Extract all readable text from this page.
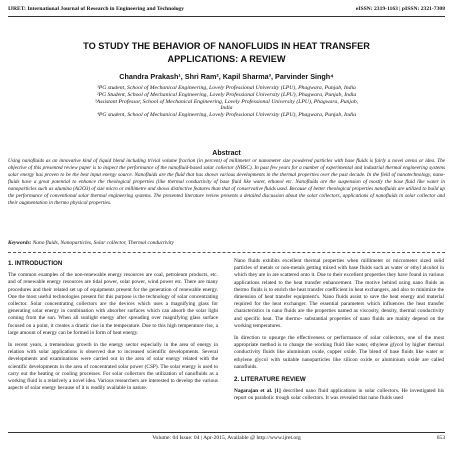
IJRET: International Journal of Research in Engineering and Technology	eISSN: 2319-1163 | pISSN: 2321-7308
TO STUDY THE BEHAVIOR OF NANOFLUIDS IN HEAT TRANSFER
APPLICATIONS: A REVIEW
Chandra Prakash¹, Shri Ram², Kapil Sharma³, Parvinder Singh⁴
¹PG student, School of Mechanical Engineering, Lovely Professional University (LPU), Phagwara, Punjab, India
²PG Student, School of Mechanical Engineering, Lovely Professional University (LPU), Phagwara, Punjab, India
³Assistant Professor, School of Mechanical Engineering, Lovely Professional University (LPU), Phagwara, Punjab,
India
⁴PG student, School of Mechanical Engineering, Lovely Professional University (LPU), Phagwara, Punjab, India
Abstract
Using nanofluids as an innovative kind of liquid blend including trivial volume fraction (in percent) of millimeter or nanometer size powdered particles with base fluids is fairly a novel arena or idea. The objective of this presented review paper is to inspect the performance of the nanofluid-based solar collector (NBSC). In past few years for a number of experimental and industrial thermal engineering systems solar energy has proven to be the best input energy source. Nanofluids are the fluid that has shown various developments in the thermal properties over the past decade. In the field of nanotechnology, nano-fluids have a great potential to enhance the rheological properties (like thermal conductivity of base fluid like water, ethanol etc. Nanofluids are the suspension of mostly the base fluid like water in nanoparticles such as alumina (Al2O3) of size micro or millimetre and shows distinctive features than that of conservative fluids used. Because of better rheological properties nanofluids are utilized to build up the performance of conventional solar thermal engineering systems. The presented literature review presents a detailed discussion about the solar collectors, applications of nanofluids in solar collector and their augmentation in thermo physical properties.
Keywords: Nano fluids, Nanoparticles, Solar collector, Thermal conductivity
1. INTRODUCTION

The common examples of the non-renewable energy resources are coal, petroleum products, etc. and of renewable energy resources are tidal power, solar power, wind power etc. There are many procedures and their related set up of equipments present for the generation of renewable energy. One the most useful technologies present for this purpose is the technology of solar concentrating collector. Solar concentrating collectors are the devices which uses a magnifying glass for generating solar energy in combination with absorber surfaces which can absorb the solar light coming from the sun. When all sunlight energy after spreading over magnifying glass surface focused on a point, it creates a drastic rise in the temperature. Due to this high temperature rise, a large amount of energy can be formed in form of heat energy.

In recent years, a tremendous growth in the energy sector especially in the area of energy in relation with solar applications is observed due to increased scientific developments. Several developments and examinations were carried out in the area of solar energy related with the scientific developments in the area of concentrated solar power (CSP). The solar energy is used to carry out the heating or cooling processes. For solar collectors the utilization of nanofluids as a working fluid is a relatively a novel idea. Various researchers are interested to develop the various aspects of solar energy because of it is readily available in nature.

Nano fluids exhibits excellent thermal properties when millimeter or micrometer sized solid particles of metals or non-metals getting mixed with base fluids such as water or ethyl alcohol in which they are in are scattered onto it. Due to their excellent properties they have found in various applications related to the heat transfer enhancement. The motive behind using nano fluids as thermo fluids is to enrich the heat transfer coefficient in heat exchangers, and also to minimize the dimension of heat transfer equipment's. Nano fluids assist to save the heat energy and material required for the heat exchanger. The essential parameters which influences the heat transfer characteristics in nano fluids are the properties named as viscosity, density, thermal conductivity and specific heat. The thermo- substantial properties of nano fluids are mainly depend on the working temperatures.

In direction to upsurge the effectiveness or performance of solar collectors, one of the most appropriate method is to change the working fluid like water, ethylene glycol by higher thermal conductivity fluids like aluminium oxide, copper oxide. The blend of base fluids like water or ethylene glycol with suitable nanoparticles like silicon oxide or aluminium oxide are called nanofluids.

2. LITERATURE REVIEW

Nagarajan et al. [1] described nano fluid applications in solar collectors. He investigated his report on parabolic trough solar collectors. It was revealed that nano fluids used

Volume: 04 Issue: 04 | Apr-2015, Available @ http://www.ijret.org	653
